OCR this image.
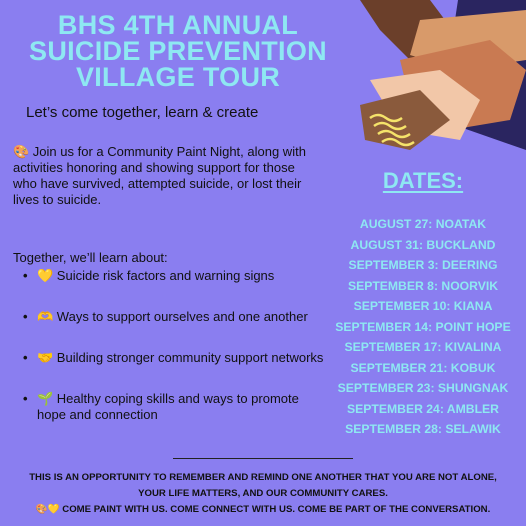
BHS 4TH ANNUAL
SUICIDE PREVENTION
VILLAGE TOUR
Let’s come together, learn & create
🎨 Join us for a Community Paint Night, along with activities honoring and showing support for those who have survived, attempted suicide, or lost their lives to suicide.
Together, we’ll learn about:
• 💛 Suicide risk factors and warning signs
• 🫶 Ways to support ourselves and one another
• 🤝 Building stronger community support networks
• 🌱 Healthy coping skills and ways to promote hope and connection
DATES:
AUGUST 27: NOATAK
AUGUST 31: BUCKLAND
SEPTEMBER 3: DEERING
SEPTEMBER 8: NOORVIK
SEPTEMBER 10: KIANA
SEPTEMBER 14: POINT HOPE
SEPTEMBER 17: KIVALINA
SEPTEMBER 21: KOBUK
SEPTEMBER 23: SHUNGNAK
SEPTEMBER 24: AMBLER
SEPTEMBER 28: SELAWIK
THIS IS AN OPPORTUNITY TO REMEMBER AND REMIND ONE ANOTHER THAT YOU ARE NOT ALONE,
YOUR LIFE MATTERS, AND OUR COMMUNITY CARES.
🎨💛 COME PAINT WITH US. COME CONNECT WITH US. COME BE PART OF THE CONVERSATION.
